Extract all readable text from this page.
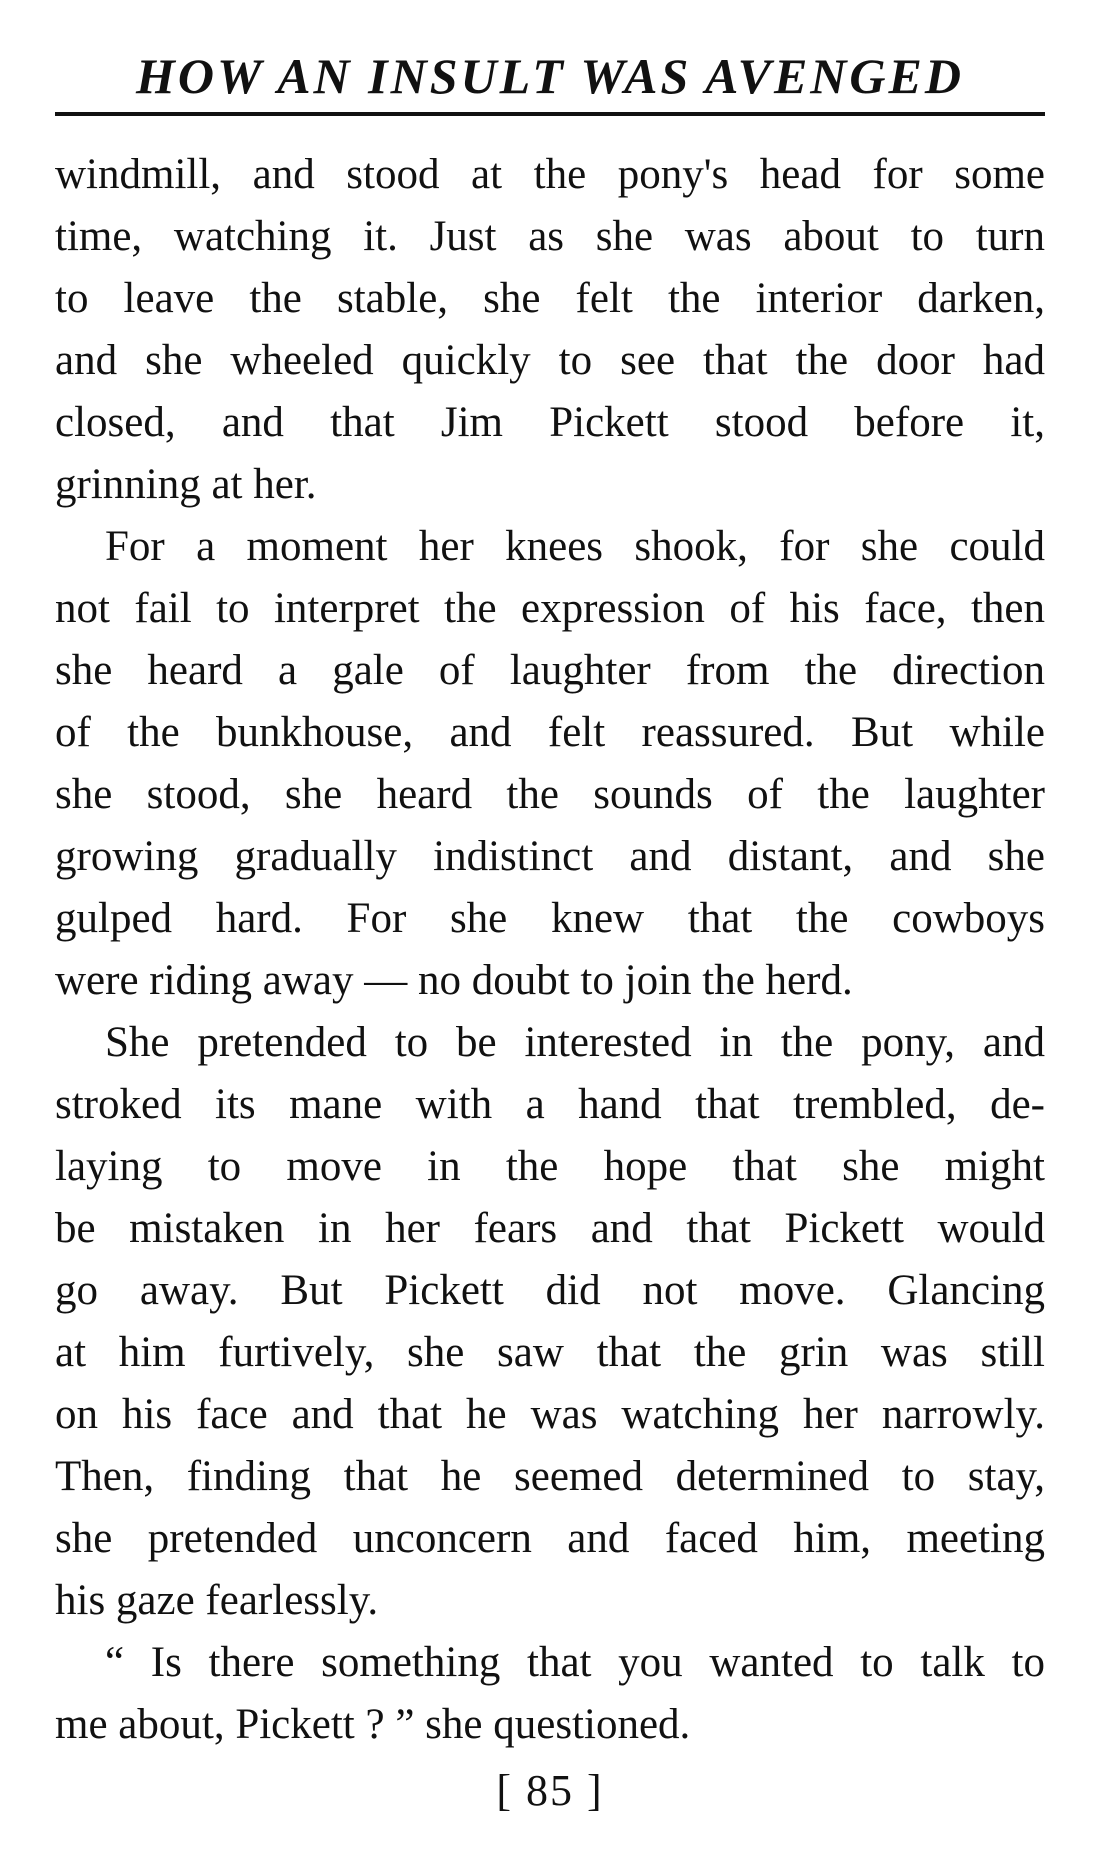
HOW AN INSULT WAS AVENGED

windmill, and stood at the pony's head for some
time, watching it. Just as she was about to turn
to leave the stable, she felt the interior darken,
and she wheeled quickly to see that the door had
closed, and that Jim Pickett stood before it,
grinning at her.

For a moment her knees shook, for she could
not fail to interpret the expression of his face, then
she heard a gale of laughter from the direction
of the bunkhouse, and felt reassured. But while
she stood, she heard the sounds of the laughter
growing gradually indistinct and distant, and she
gulped hard. For she knew that the cowboys
were riding away — no doubt to join the herd.

She pretended to be interested in the pony, and
stroked its mane with a hand that trembled, de-
laying to move in the hope that she might
be mistaken in her fears and that Pickett would
go away. But Pickett did not move. Glancing
at him furtively, she saw that the grin was still
on his face and that he was watching her narrowly.
Then, finding that he seemed determined to stay,
she pretended unconcern and faced him, meeting
his gaze fearlessly.

“ Is there something that you wanted to talk to
me about, Pickett ? ” she questioned.

[ 85 ]
